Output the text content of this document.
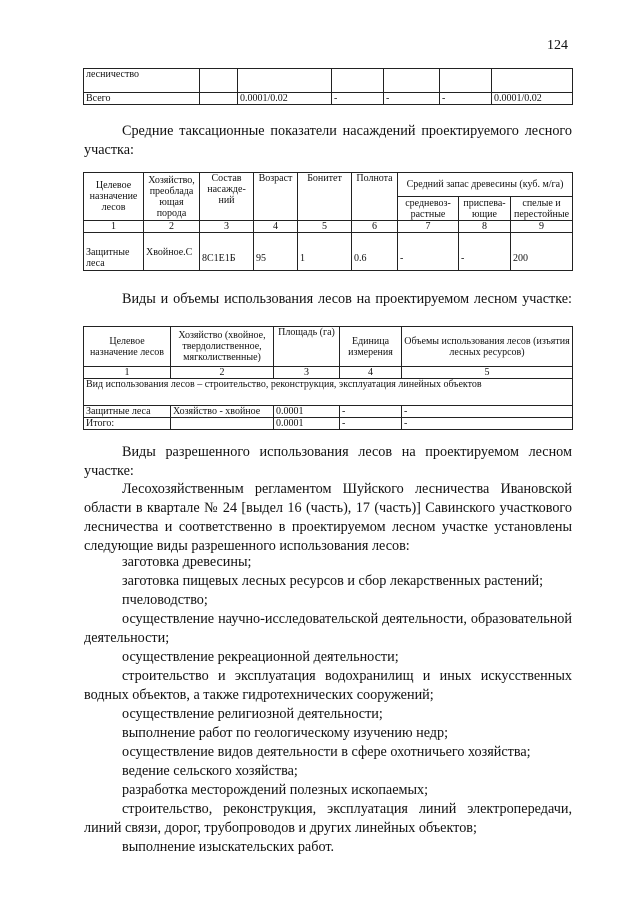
124
лесничество						
Всего		0.0001/0.02	-	-	-	0.0001/0.02
Средние таксационные показатели насаждений проектируемого лесного участка:
Целевое назначение лесов	Хозяйство, преоблада ющая порода	Состав насажде- ний	Возраст	Бонитет	Полнота	Средний запас древесины (куб. м/га)		
						средневоз- растные	приспева- ющие	спелые и перестойные
1	2	3	4	5	6	7	8	9
Защитные леса	Хвойное.С	8С1Е1Б	95	1	0.6	-	-	200
Виды и объемы использования лесов на проектируемом лесном участке:
Целевое назначение лесов	Хозяйство (хвойное, твердолиственное, мягколиственные)	Площадь (га)	Единица измерения	Объемы использования лесов (изъятия лесных ресурсов)
1	2	3	4	5
Вид использования лесов – строительство, реконструкция, эксплуатация линейных объектов				
Защитные леса	Хозяйство - хвойное	0.0001	-	-
Итого:		0.0001	-	-
Виды разрешенного использования лесов на проектируемом лесном участке:
Лесохозяйственным регламентом Шуйского лесничества Ивановской области в квартале № 24 [выдел 16 (часть), 17 (часть)] Савинского участкового лесничества и соответственно в проектируемом лесном участке установлены следующие виды разрешенного использования лесов:
заготовка древесины;
заготовка пищевых лесных ресурсов и сбор лекарственных растений;
пчеловодство;
осуществление научно-исследовательской деятельности, образовательной деятельности;
осуществление рекреационной деятельности;
строительство и эксплуатация водохранилищ и иных искусственных водных объектов, а также гидротехнических сооружений;
осуществление религиозной деятельности;
выполнение работ по геологическому изучению недр;
осуществление видов деятельности в сфере охотничьего хозяйства;
ведение сельского хозяйства;
разработка месторождений полезных ископаемых;
строительство, реконструкция, эксплуатация линий электропередачи, линий связи, дорог, трубопроводов и других линейных объектов;
выполнение изыскательских работ.
